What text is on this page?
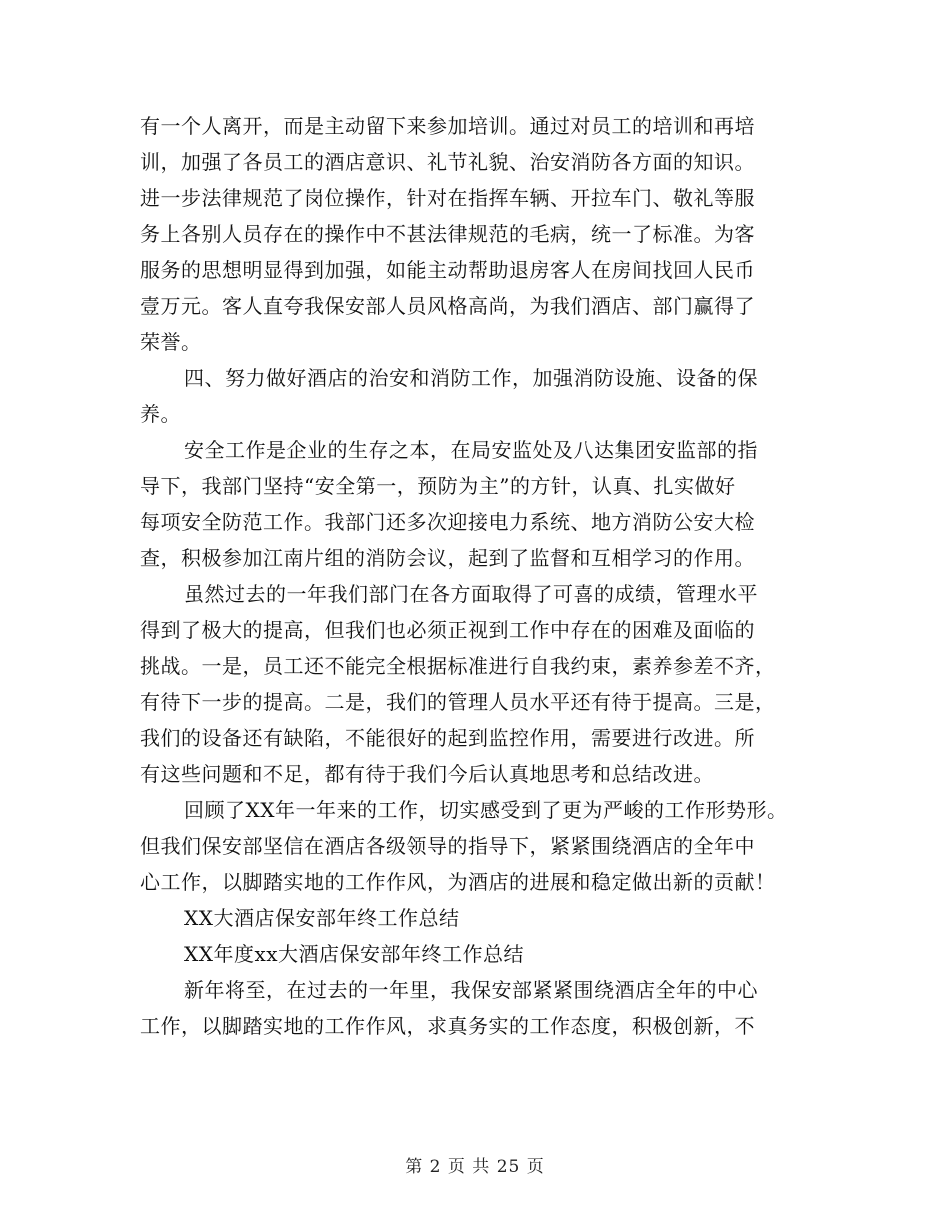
有一个人离开，而是主动留下来参加培训。通过对员工的培训和再培
训，加强了各员工的酒店意识、礼节礼貌、治安消防各方面的知识。
进一步法律规范了岗位操作，针对在指挥车辆、开拉车门、敬礼等服
务上各别人员存在的操作中不甚法律规范的毛病，统一了标准。为客
服务的思想明显得到加强，如能主动帮助退房客人在房间找回人民币
壹万元。客人直夸我保安部人员风格高尚，为我们酒店、部门赢得了
荣誉。
四、努力做好酒店的治安和消防工作，加强消防设施、设备的保
养。
安全工作是企业的生存之本，在局安监处及八达集团安监部的指
导下，我部门坚持“安全第一，预防为主”的方针，认真、扎实做好
每项安全防范工作。我部门还多次迎接电力系统、地方消防公安大检
查，积极参加江南片组的消防会议，起到了监督和互相学习的作用。
虽然过去的一年我们部门在各方面取得了可喜的成绩，管理水平
得到了极大的提高，但我们也必须正视到工作中存在的困难及面临的
挑战。一是，员工还不能完全根据标准进行自我约束，素养参差不齐，
有待下一步的提高。二是，我们的管理人员水平还有待于提高。三是，
我们的设备还有缺陷，不能很好的起到监控作用，需要进行改进。所
有这些问题和不足，都有待于我们今后认真地思考和总结改进。
回顾了XX年一年来的工作，切实感受到了更为严峻的工作形势形。
但我们保安部坚信在酒店各级领导的指导下，紧紧围绕酒店的全年中
心工作，以脚踏实地的工作作风，为酒店的进展和稳定做出新的贡献！
XX大酒店保安部年终工作总结
XX年度xx大酒店保安部年终工作总结
新年将至，在过去的一年里，我保安部紧紧围绕酒店全年的中心
工作，以脚踏实地的工作作风，求真务实的工作态度，积极创新，不
第 2 页 共 25 页
